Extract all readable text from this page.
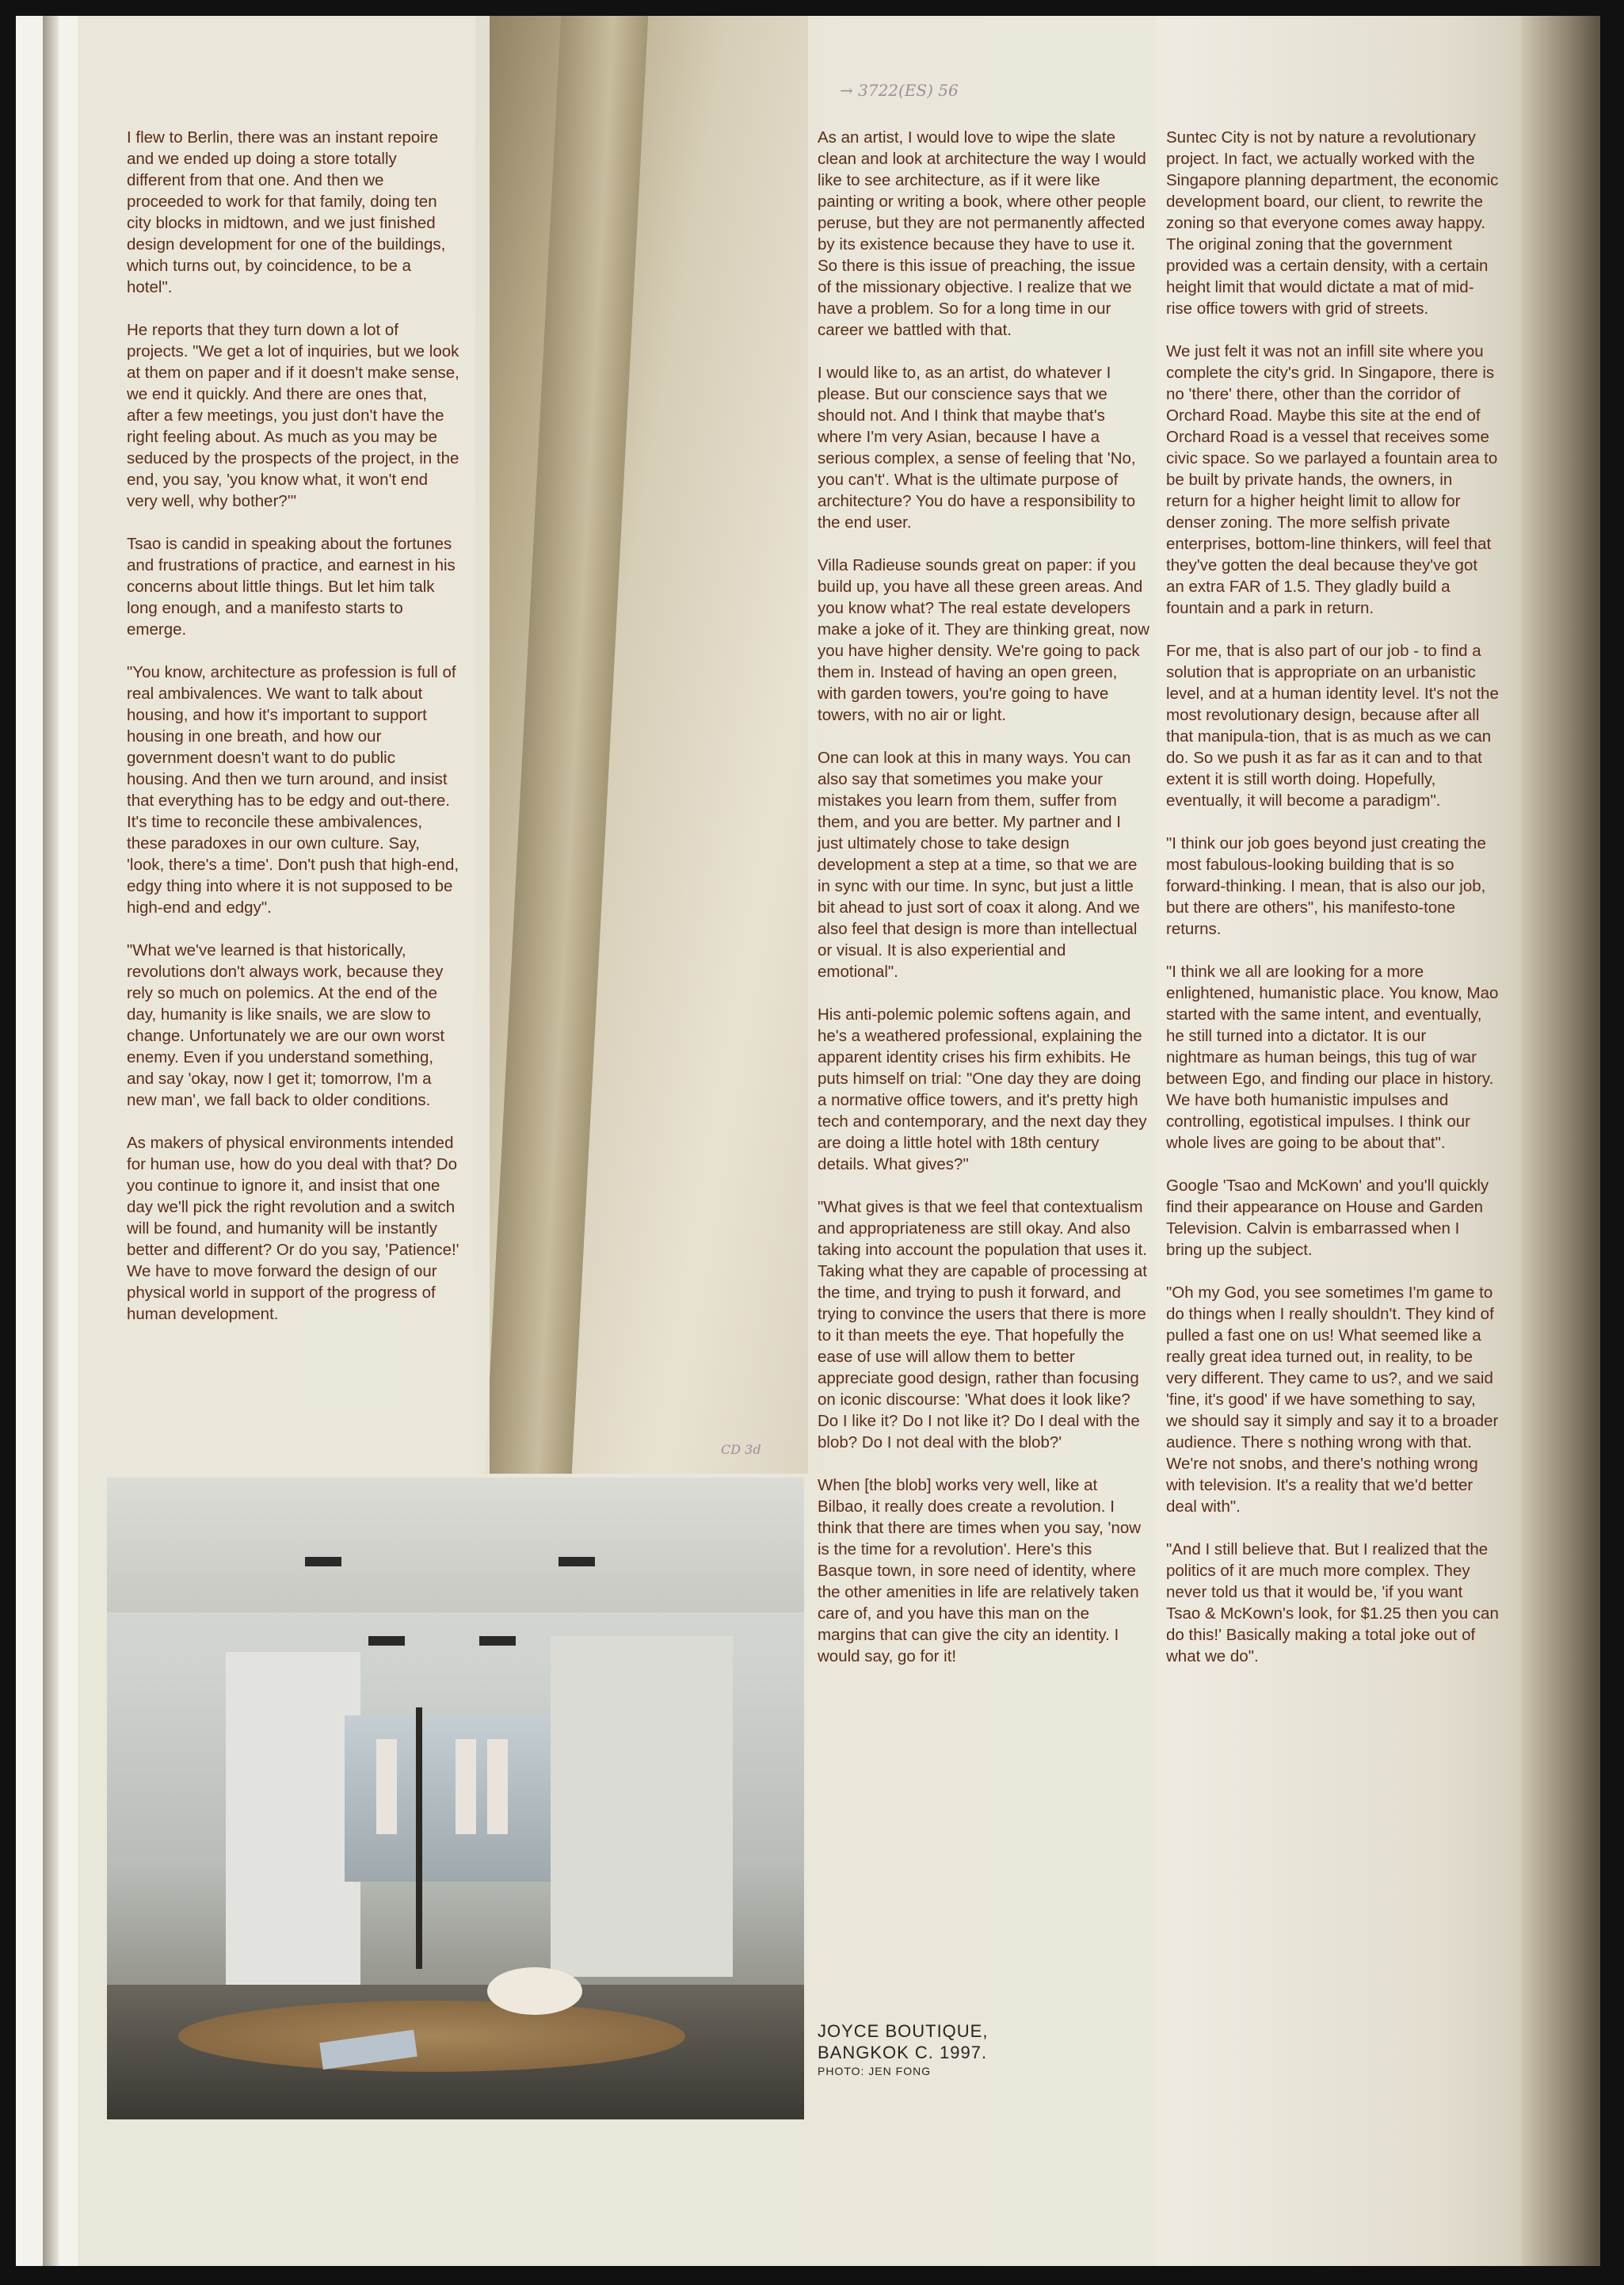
→ 3722(ES) 56

I flew to Berlin, there was an instant repoire and we ended up doing a store totally different from that one. And then we proceeded to work for that family, doing ten city blocks in midtown, and we just finished design development for one of the buildings, which turns out, by coincidence, to be a hotel".

He reports that they turn down a lot of projects. "We get a lot of inquiries, but we look at them on paper and if it doesn't make sense, we end it quickly. And there are ones that, after a few meetings, you just don't have the right feeling about. As much as you may be seduced by the prospects of the project, in the end, you say, 'you know what, it won't end very well, why bother?'"

Tsao is candid in speaking about the fortunes and frustrations of practice, and earnest in his concerns about little things. But let him talk long enough, and a manifesto starts to emerge.

"You know, architecture as profession is full of real ambivalences. We want to talk about housing, and how it's important to support housing in one breath, and how our government doesn't want to do public housing. And then we turn around, and insist that everything has to be edgy and out-there. It's time to reconcile these ambivalences, these paradoxes in our own culture. Say, 'look, there's a time'. Don't push that high-end, edgy thing into where it is not supposed to be high-end and edgy".

"What we've learned is that historically, revolutions don't always work, because they rely so much on polemics. At the end of the day, humanity is like snails, we are slow to change. Unfortunately we are our own worst enemy. Even if you understand something, and say 'okay, now I get it; tomorrow, I'm a new man', we fall back to older conditions.

As makers of physical environments intended for human use, how do you deal with that? Do you continue to ignore it, and insist that one day we'll pick the right revolution and a switch will be found, and humanity will be instantly better and different? Or do you say, 'Patience!' We have to move forward the design of our physical world in support of the progress of human development.

As an artist, I would love to wipe the slate clean and look at architecture the way I would like to see architecture, as if it were like painting or writing a book, where other people peruse, but they are not permanently affected by its existence because they have to use it. So there is this issue of preaching, the issue of the missionary objective. I realize that we have a problem. So for a long time in our career we battled with that.

I would like to, as an artist, do whatever I please. But our conscience says that we should not. And I think that maybe that's where I'm very Asian, because I have a serious complex, a sense of feeling that 'No, you can't'. What is the ultimate purpose of architecture? You do have a responsibility to the end user.

Villa Radieuse sounds great on paper: if you build up, you have all these green areas. And you know what? The real estate developers make a joke of it. They are thinking great, now you have higher density. We're going to pack them in. Instead of having an open green, with garden towers, you're going to have towers, with no air or light.

One can look at this in many ways. You can also say that sometimes you make your mistakes you learn from them, suffer from them, and you are better. My partner and I just ultimately chose to take design development a step at a time, so that we are in sync with our time. In sync, but just a little bit ahead to just sort of coax it along. And we also feel that design is more than intellectual or visual. It is also experiential and emotional".

His anti-polemic polemic softens again, and he's a weathered professional, explaining the apparent identity crises his firm exhibits. He puts himself on trial: "One day they are doing a normative office towers, and it's pretty high tech and contemporary, and the next day they are doing a little hotel with 18th century details. What gives?"

"What gives is that we feel that contextualism and appropriateness are still okay. And also taking into account the population that uses it. Taking what they are capable of processing at the time, and trying to push it forward, and trying to convince the users that there is more to it than meets the eye. That hopefully the ease of use will allow them to better appreciate good design, rather than focusing on iconic discourse: 'What does it look like? Do I like it? Do I not like it? Do I deal with the blob? Do I not deal with the blob?'

When [the blob] works very well, like at Bilbao, it really does create a revolution. I think that there are times when you say, 'now is the time for a revolution'. Here's this Basque town, in sore need of identity, where the other amenities in life are relatively taken care of, and you have this man on the margins that can give the city an identity. I would say, go for it!

Suntec City is not by nature a revolutionary project. In fact, we actually worked with the Singapore planning department, the economic development board, our client, to rewrite the zoning so that everyone comes away happy. The original zoning that the government provided was a certain density, with a certain height limit that would dictate a mat of mid-rise office towers with grid of streets.

We just felt it was not an infill site where you complete the city's grid. In Singapore, there is no 'there' there, other than the corridor of Orchard Road. Maybe this site at the end of Orchard Road is a vessel that receives some civic space. So we parlayed a fountain area to be built by private hands, the owners, in return for a higher height limit to allow for denser zoning. The more selfish private enterprises, bottom-line thinkers, will feel that they've gotten the deal because they've got an extra FAR of 1.5. They gladly build a fountain and a park in return.

For me, that is also part of our job - to find a solution that is appropriate on an urbanistic level, and at a human identity level. It's not the most revolutionary design, because after all that manipula-tion, that is as much as we can do. So we push it as far as it can and to that extent it is still worth doing. Hopefully, eventually, it will become a paradigm".

"I think our job goes beyond just creating the most fabulous-looking building that is so forward-thinking. I mean, that is also our job, but there are others", his manifesto-tone returns.

"I think we all are looking for a more enlightened, humanistic place. You know, Mao started with the same intent, and eventually, he still turned into a dictator. It is our nightmare as human beings, this tug of war between Ego, and finding our place in history. We have both humanistic impulses and controlling, egotistical impulses. I think our whole lives are going to be about that".

Google 'Tsao and McKown' and you'll quickly find their appearance on House and Garden Television. Calvin is embarrassed when I bring up the subject.

"Oh my God, you see sometimes I'm game to do things when I really shouldn't. They kind of pulled a fast one on us! What seemed like a really great idea turned out, in reality, to be very different. They came to us?, and we said 'fine, it's good' if we have something to say, we should say it simply and say it to a broader audience. There s nothing wrong with that. We're not snobs, and there's nothing wrong with television. It's a reality that we'd better deal with".

"And I still believe that. But I realized that the politics of it are much more complex. They never told us that it would be, 'if you want Tsao & McKown's look, for $1.25 then you can do this!' Basically making a total joke out of what we do".

CD 3d
JOYCE BOUTIQUE,
BANGKOK C. 1997.
PHOTO: JEN FONG
